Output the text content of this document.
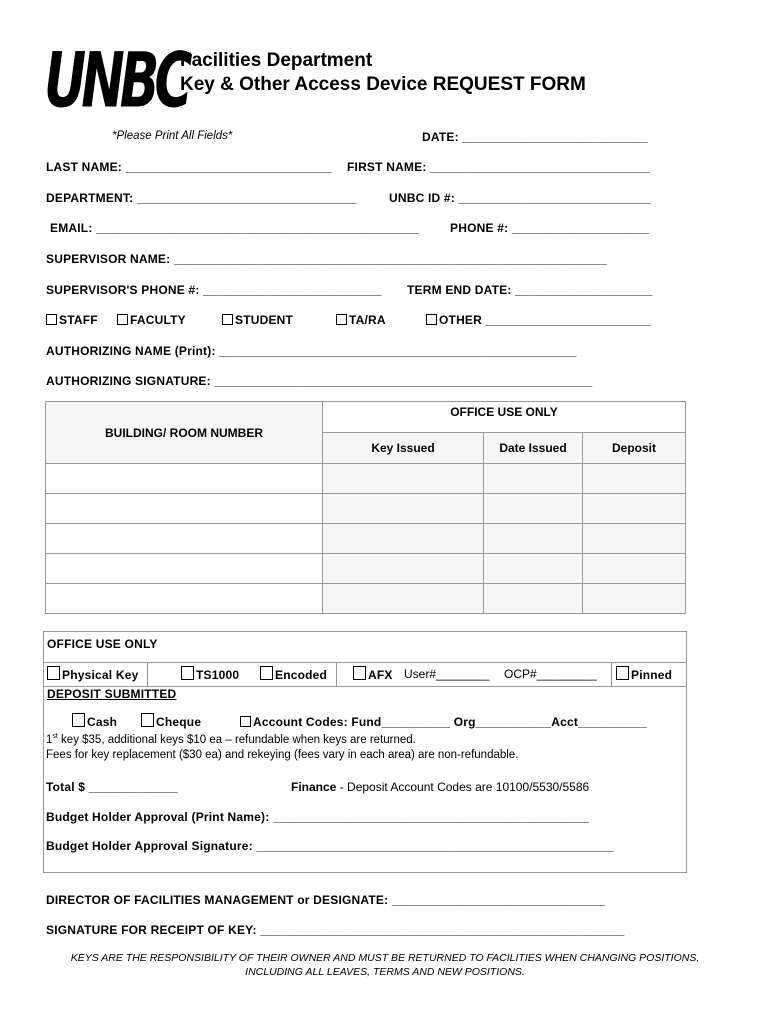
UNBC
Facilities Department
Key & Other Access Device REQUEST FORM
*Please Print All Fields*	DATE: ___________________________
LAST NAME: ______________________________ FIRST NAME: ________________________________
DEPARTMENT: ________________________________	UNBC ID #: ____________________________
EMAIL: _______________________________________________	PHONE #: ____________________
SUPERVISOR NAME: _______________________________________________________________
SUPERVISOR'S PHONE #: __________________________ TERM END DATE: ____________________
STAFF	FACULTY	STUDENT	TA/RA	OTHER ________________________
AUTHORIZING NAME (Print): ____________________________________________________
AUTHORIZING SIGNATURE: _______________________________________________________
BUILDING/ ROOM NUMBER	OFFICE USE ONLY		
	Key Issued	Date Issued	Deposit

OFFICE USE ONLY
Physical Key	TS1000	Encoded	AFX User#________ OCP#_________	Pinned
DEPOSIT SUBMITTED
Cash	Cheque	Account Codes: Fund__________ Org___________Acct__________
1st key $35, additional keys $10 ea – refundable when keys are returned.
Fees for key replacement ($30 ea) and rekeying (fees vary in each area) are non-refundable.
Total $ _____________	Finance - Deposit Account Codes are 10100/5530/5586
Budget Holder Approval (Print Name): ______________________________________________
Budget Holder Approval Signature: ____________________________________________________
DIRECTOR OF FACILITIES MANAGEMENT or DESIGNATE: _______________________________
SIGNATURE FOR RECEIPT OF KEY: _____________________________________________________
KEYS ARE THE RESPONSIBILITY OF THEIR OWNER AND MUST BE RETURNED TO FACILITIES WHEN CHANGING POSITIONS, INCLUDING ALL LEAVES, TERMS AND NEW POSITIONS.
